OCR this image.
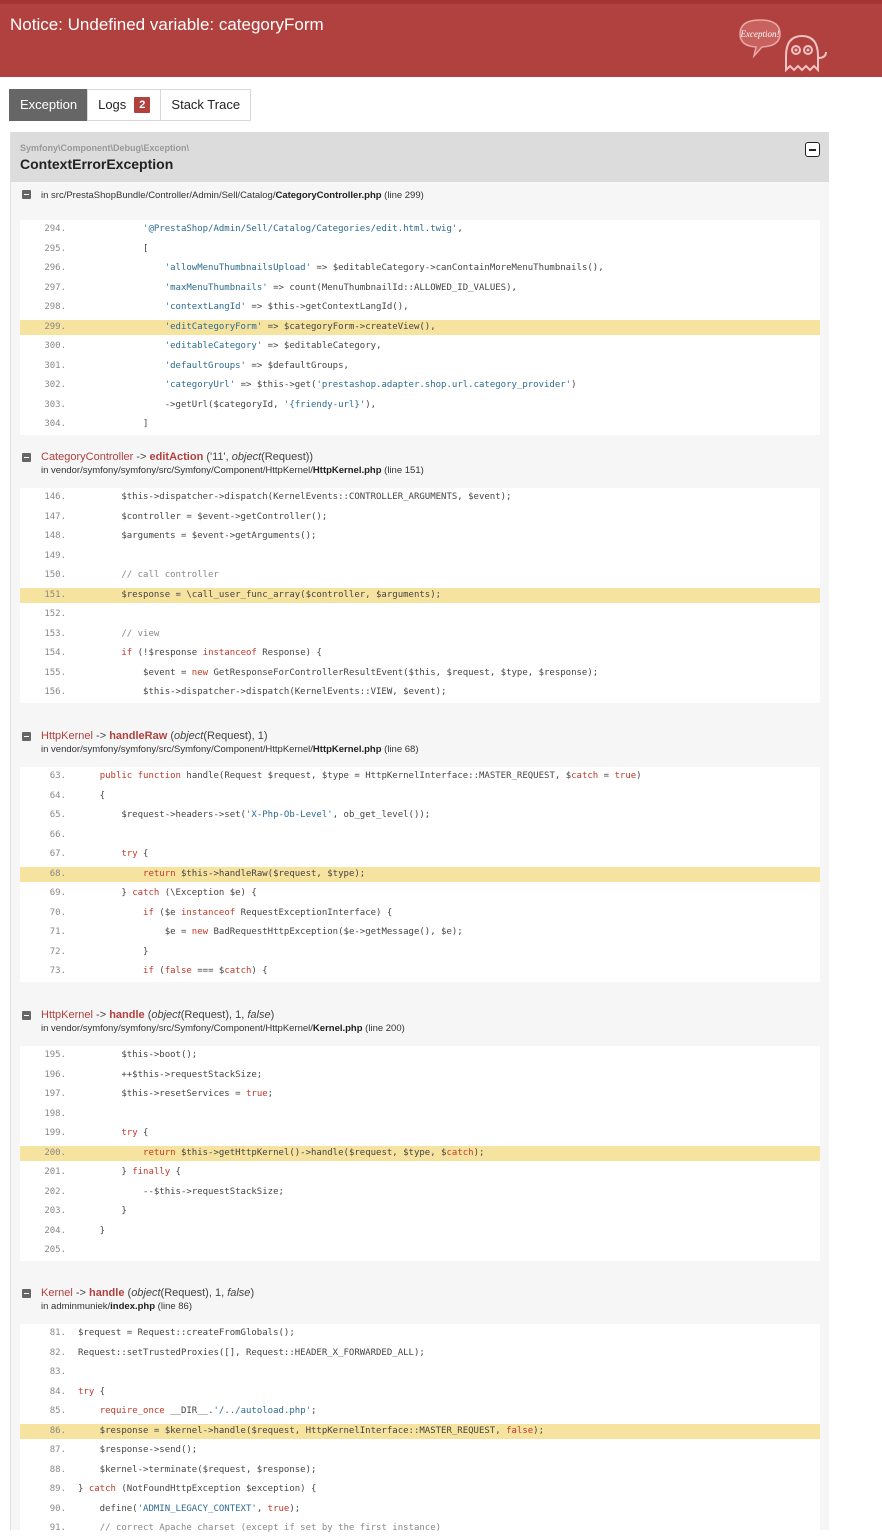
Notice: Undefined variable: categoryForm	Exception!
Exception Logs	2	Stack Trace
Symfony\Component\Debug\Exception\
ContextErrorException
in src/PrestaShopBundle/Controller/Admin/Sell/Catalog/CategoryController.php (line 299)
294.	'@PrestaShop/Admin/Sell/Catalog/Categories/edit.html.twig',
295. [
296.	'allowMenuThumbnailsUpload' => $editableCategory->canContainMoreMenuThumbnails(),
297.	'maxMenuThumbnails' => count(MenuThumbnailId::ALLOWED_ID_VALUES),
298.	'contextLangId' => $this->getContextLangId(),
299.	'editCategoryForm' => $categoryForm->createView(),
300.	'editableCategory' => $editableCategory,
301.	'defaultGroups' => $defaultGroups,
302.	'categoryUrl' => $this->get('prestashop.adapter.shop.url.category_provider')
303. ->getUrl($categoryId, '{friendy-url}'),
304. ]
CategoryController -> editAction ('11', object(Request))
in vendor/symfony/symfony/src/Symfony/Component/HttpKernel/HttpKernel.php (line 151)
146. $this->dispatcher->dispatch(KernelEvents::CONTROLLER_ARGUMENTS, $event);
147. $controller = $event->getController();
148. $arguments = $event->getArguments();
149.
150.	// call controller
151. $response = \call_user_func_array($controller, $arguments);
152.
153.	// view
154.	if (!$response instanceof Response) {
155. $event = new GetResponseForControllerResultEvent($this, $request, $type, $response);
156. $this->dispatcher->dispatch(KernelEvents::VIEW, $event);
HttpKernel -> handleRaw (object(Request), 1)
in vendor/symfony/symfony/src/Symfony/Component/HttpKernel/HttpKernel.php (line 68)
63.	public function handle(Request $request, $type = HttpKernelInterface::MASTER_REQUEST, $catch = true)
64. {
65. $request->headers->set('X-Php-Ob-Level', ob_get_level());
66.
67.	try {
68.	return $this->handleRaw($request, $type);
69. } catch (\Exception $e) {
70.	if ($e instanceof RequestExceptionInterface) {
71. $e = new BadRequestHttpException($e->getMessage(), $e);
72. }
73.	if (false === $catch) {
HttpKernel -> handle (object(Request), 1, false)
in vendor/symfony/symfony/src/Symfony/Component/HttpKernel/Kernel.php (line 200)
195. $this->boot();
196. ++$this->requestStackSize;
197. $this->resetServices = true;
198.
199.	try {
200.	return $this->getHttpKernel()->handle($request, $type, $catch);
201. } finally {
202. --$this->requestStackSize;
203. }
204. }
205.
Kernel -> handle (object(Request), 1, false)
in adminmuniek/index.php (line 86)
81. $request = Request::createFromGlobals();
82. Request::setTrustedProxies([], Request::HEADER_X_FORWARDED_ALL);
83.
84. try {
85.	require_once __DIR__.'/../autoload.php';
86. $response = $kernel->handle($request, HttpKernelInterface::MASTER_REQUEST, false);
87. $response->send();
88. $kernel->terminate($request, $response);
89. } catch (NotFoundHttpException $exception) {
90. define('ADMIN_LEGACY_CONTEXT', true);
91.	// correct Apache charset (except if set by the first instance)
